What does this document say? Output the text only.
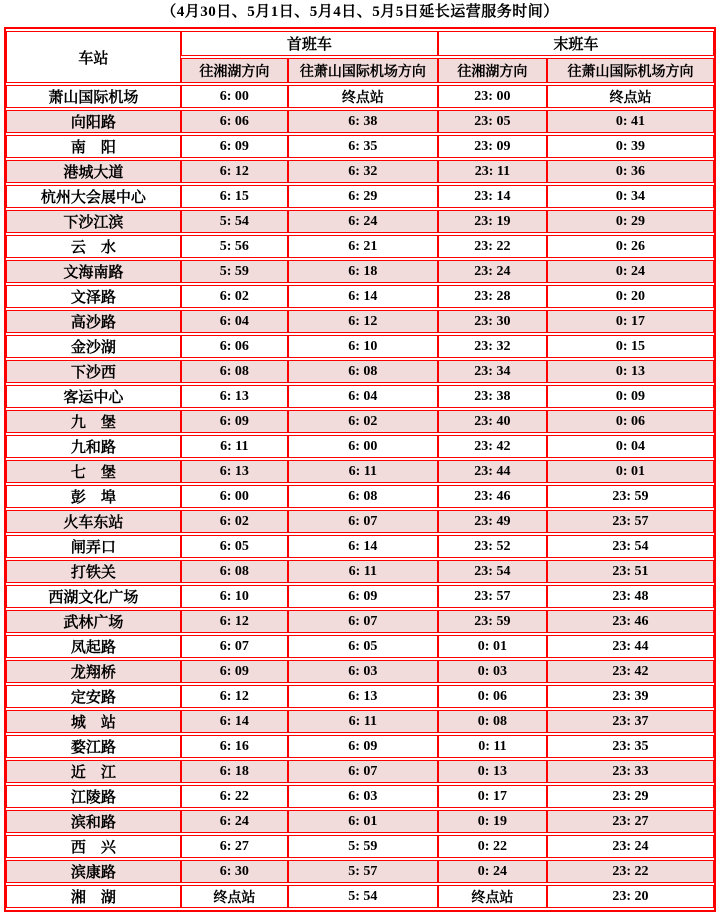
（4月30日、5月1日、5月4日、5月5日延长运营服务时间）
车站	首班车		末班车	
	往湘湖方向	往萧山国际机场方向	往湘湖方向	往萧山国际机场方向
萧山国际机场	6: 00	终点站	23: 00	终点站
向阳路	6: 06	6: 38	23: 05	0: 41
南　阳	6: 09	6: 35	23: 09	0: 39
港城大道	6: 12	6: 32	23: 11	0: 36
杭州大会展中心	6: 15	6: 29	23: 14	0: 34
下沙江滨	5: 54	6: 24	23: 19	0: 29
云　水	5: 56	6: 21	23: 22	0: 26
文海南路	5: 59	6: 18	23: 24	0: 24
文泽路	6: 02	6: 14	23: 28	0: 20
高沙路	6: 04	6: 12	23: 30	0: 17
金沙湖	6: 06	6: 10	23: 32	0: 15
下沙西	6: 08	6: 08	23: 34	0: 13
客运中心	6: 13	6: 04	23: 38	0: 09
九　堡	6: 09	6: 02	23: 40	0: 06
九和路	6: 11	6: 00	23: 42	0: 04
七　堡	6: 13	6: 11	23: 44	0: 01
彭　埠	6: 00	6: 08	23: 46	23: 59
火车东站	6: 02	6: 07	23: 49	23: 57
闸弄口	6: 05	6: 14	23: 52	23: 54
打铁关	6: 08	6: 11	23: 54	23: 51
西湖文化广场	6: 10	6: 09	23: 57	23: 48
武林广场	6: 12	6: 07	23: 59	23: 46
凤起路	6: 07	6: 05	0: 01	23: 44
龙翔桥	6: 09	6: 03	0: 03	23: 42
定安路	6: 12	6: 13	0: 06	23: 39
城　站	6: 14	6: 11	0: 08	23: 37
婺江路	6: 16	6: 09	0: 11	23: 35
近　江	6: 18	6: 07	0: 13	23: 33
江陵路	6: 22	6: 03	0: 17	23: 29
滨和路	6: 24	6: 01	0: 19	23: 27
西　兴	6: 27	5: 59	0: 22	23: 24
滨康路	6: 30	5: 57	0: 24	23: 22
湘　湖	终点站	5: 54	终点站	23: 20
